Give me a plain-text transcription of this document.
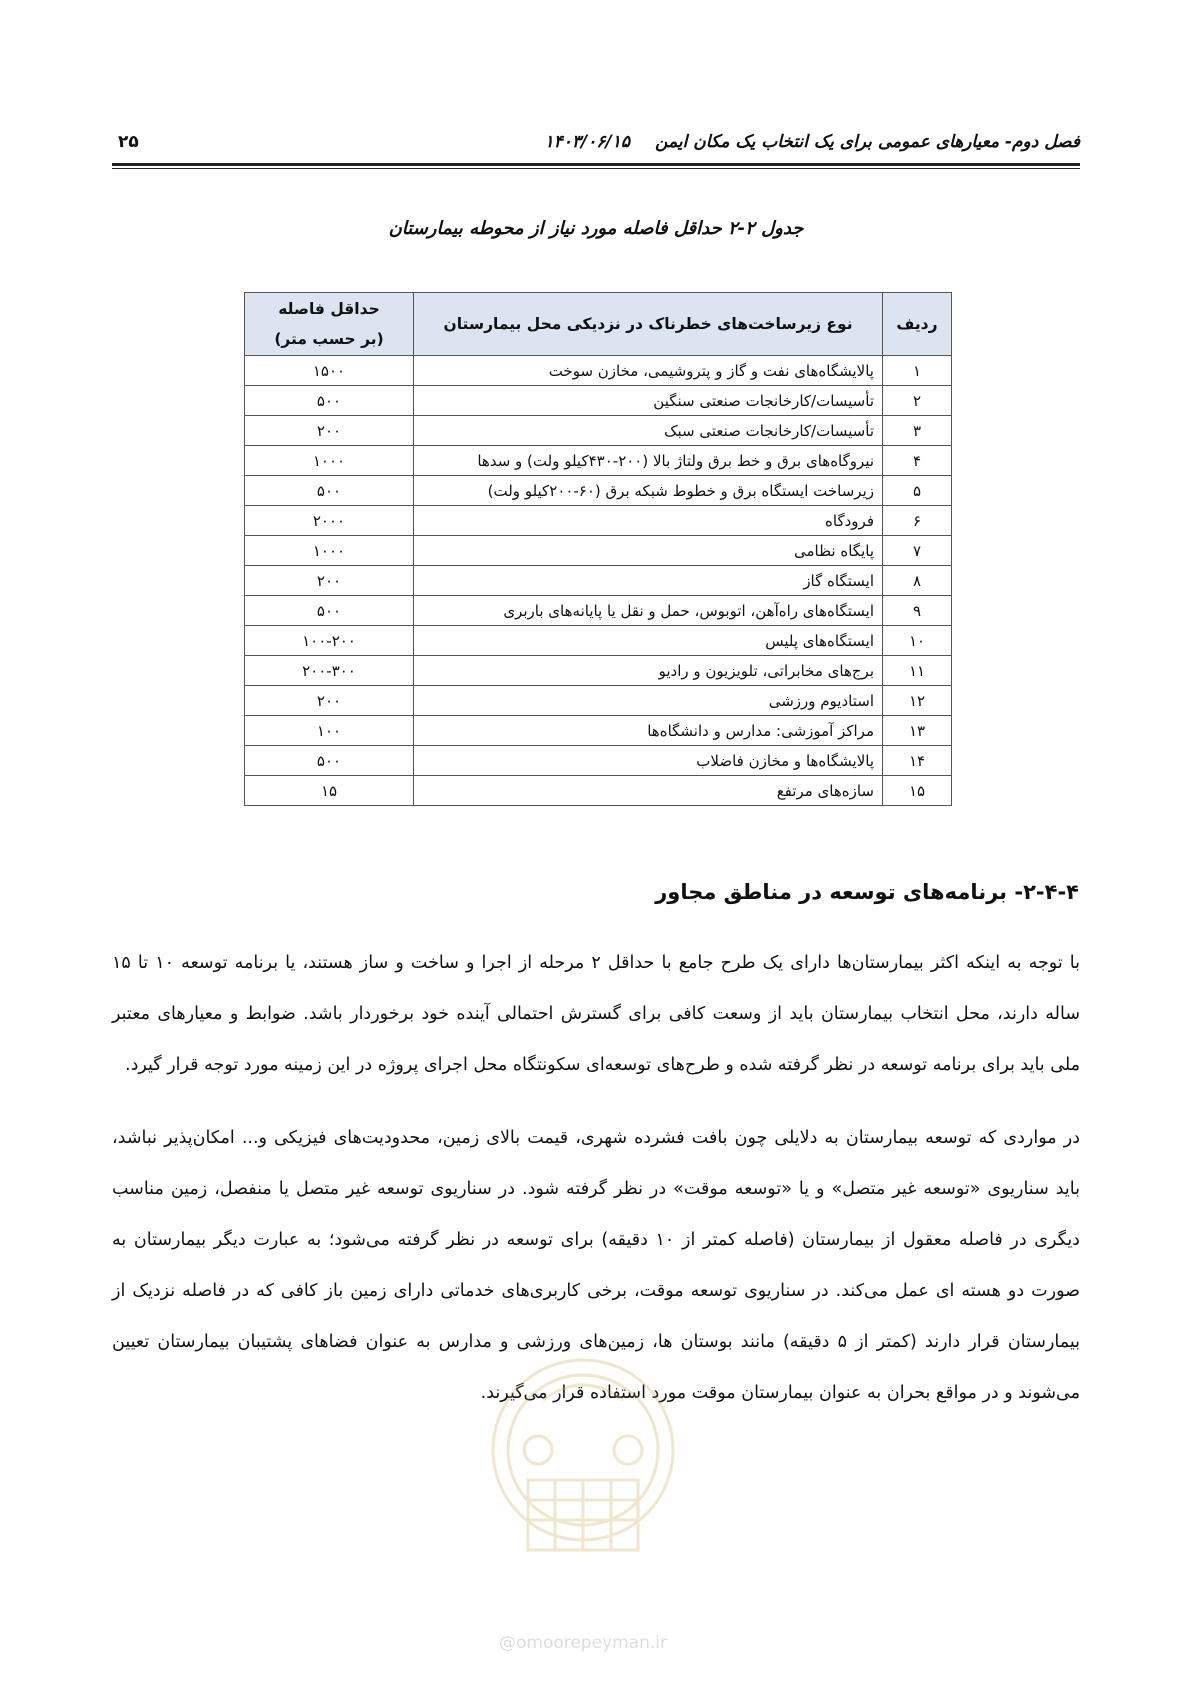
فصل دوم- معیارهای عمومی برای یک انتخاب یک مکان ایمن
۱۴۰۳/۰۶/۱۵
۲۵
جدول ۲-۲ حداقل فاصله مورد نیاز از محوطه بیمارستان
ردیف	نوع زیرساخت‌های خطرناک در نزدیکی محل بیمارستان	حداقل فاصله
(بر حسب متر)

۱	پالایشگاه‌های نفت و گاز و پتروشیمی، مخازن سوخت	۱۵۰۰
۲	تأسیسات/کارخانجات صنعتی سنگین	۵۰۰
۳	تأسیسات/کارخانجات صنعتی سبک	۲۰۰
۴	نیروگاه‌های برق و خط برق ولتاژ بالا (۲۰۰-۴۳۰کیلو ولت) و سدها	۱۰۰۰
۵	زیرساخت ایستگاه برق و خطوط شبکه برق (۶۰-۲۰۰کیلو ولت)	۵۰۰
۶	فرودگاه	۲۰۰۰
۷	پایگاه نظامی	۱۰۰۰
۸	ایستگاه گاز	۲۰۰
۹	ایستگاه‌های راه‌آهن، اتوبوس، حمل و نقل یا پایانه‌های باربری	۵۰۰
۱۰	ایستگاه‌های پلیس	۱۰۰-۲۰۰
۱۱	برج‌های مخابراتی، تلویزیون و رادیو	۲۰۰-۳۰۰
۱۲	استادیوم ورزشی	۲۰۰
۱۳	مراکز آموزشی: مدارس و دانشگاه‌ها	۱۰۰
۱۴	پالایشگاه‌ها و مخازن فاضلاب	۵۰۰
۱۵	سازه‌های مرتفع	۱۵
۲-۴-۴- برنامه‌های توسعه در مناطق مجاور

با توجه به اینکه اکثر بیمارستان‌ها دارای یک طرح جامع با حداقل ۲ مرحله از اجرا و ساخت و ساز هستند، یا برنامه توسعه ۱۰ تا ۱۵ ساله دارند، محل انتخاب بیمارستان باید از وسعت کافی برای گسترش احتمالی آینده خود برخوردار باشد. ضوابط و معیارهای معتبر ملی باید برای برنامه توسعه در نظر گرفته شده و طرح‌های توسعه‌ای سکونتگاه محل اجرای پروژه در این زمینه مورد توجه قرار گیرد.

در مواردی که توسعه بیمارستان به دلایلی چون بافت فشرده شهری، قیمت بالای زمین، محدودیت‌های فیزیکی و... امکان‌پذیر نباشد، باید سناریوی «توسعه غیر متصل» و یا «توسعه موقت» در نظر گرفته شود. در سناریوی توسعه غیر متصل یا منفصل، زمین مناسب دیگری در فاصله معقول از بیمارستان (فاصله کمتر از ۱۰ دقیقه) برای توسعه در نظر گرفته می‌شود؛ به عبارت دیگر بیمارستان به صورت دو هسته ای عمل می‌کند. در سناریوی توسعه موقت، برخی کاربری‌های خدماتی دارای زمین باز کافی که در فاصله نزدیک از بیمارستان قرار دارند (کمتر از ۵ دقیقه) مانند بوستان ها، زمین‌های ورزشی و مدارس به عنوان فضاهای پشتیبان بیمارستان تعیین می‌شوند و در مواقع بحران به عنوان بیمارستان موقت مورد استفاده قرار می‌گیرند.

@omoorepeyman.ir
